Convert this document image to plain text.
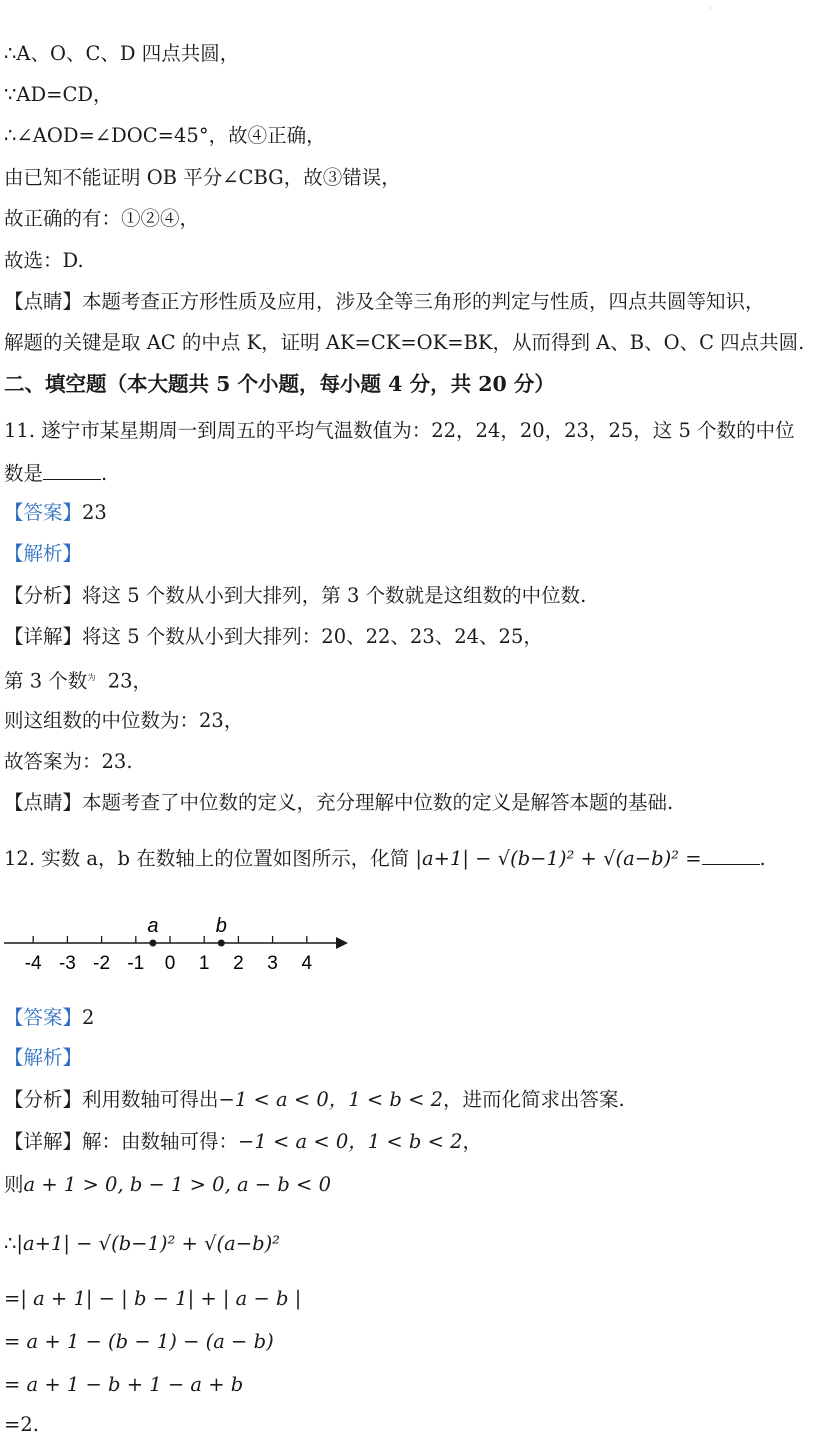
·
∴A、O、C、D 四点共圆，
∵AD=CD，
∴∠AOD=∠DOC=45°，故④正确，
由已知不能证明 OB 平分∠CBG，故③错误，
故正确的有：①②④，
故选：D.
【点睛】本题考查正方形性质及应用，涉及全等三角形的判定与性质，四点共圆等知识，
解题的关键是取 AC 的中点 K，证明 AK=CK=OK=BK，从而得到 A、B、O、C 四点共圆.
二、填空题（本大题共 5 个小题，每小题 4 分，共 20 分）
11. 遂宁市某星期周一到周五的平均气温数值为：22，24，20，23，25，这 5 个数的中位
数是	.
【答案】23
【解析】
【分析】将这 5 个数从小到大排列，第 3 个数就是这组数的中位数.
【详解】将这 5 个数从小到大排列：20、22、23、24、25，
第 3 个数$^为$ 23，
则这组数的中位数为：23，
故答案为：23.
【点睛】本题考查了中位数的定义，充分理解中位数的定义是解答本题的基础.
12. 实数 a，b 在数轴上的位置如图所示，化简 |a+1| − √(b−1)² + √(a−b)² =	.
-4 -3 -2 -1 0 1 2 3 4
a	b
【答案】2
【解析】
【分析】利用数轴可得出−1 < a < 0，1 < b < 2，进而化简求出答案.
【详解】解：由数轴可得：−1 < a < 0，1 < b < 2，
则a + 1 > 0, b − 1 > 0, a − b < 0
∴|a+1| − √(b−1)² + √(a−b)²
=| a + 1| − | b − 1| + | a − b |
= a + 1 − (b − 1) − (a − b)
= a + 1 − b + 1 − a + b
=2.
